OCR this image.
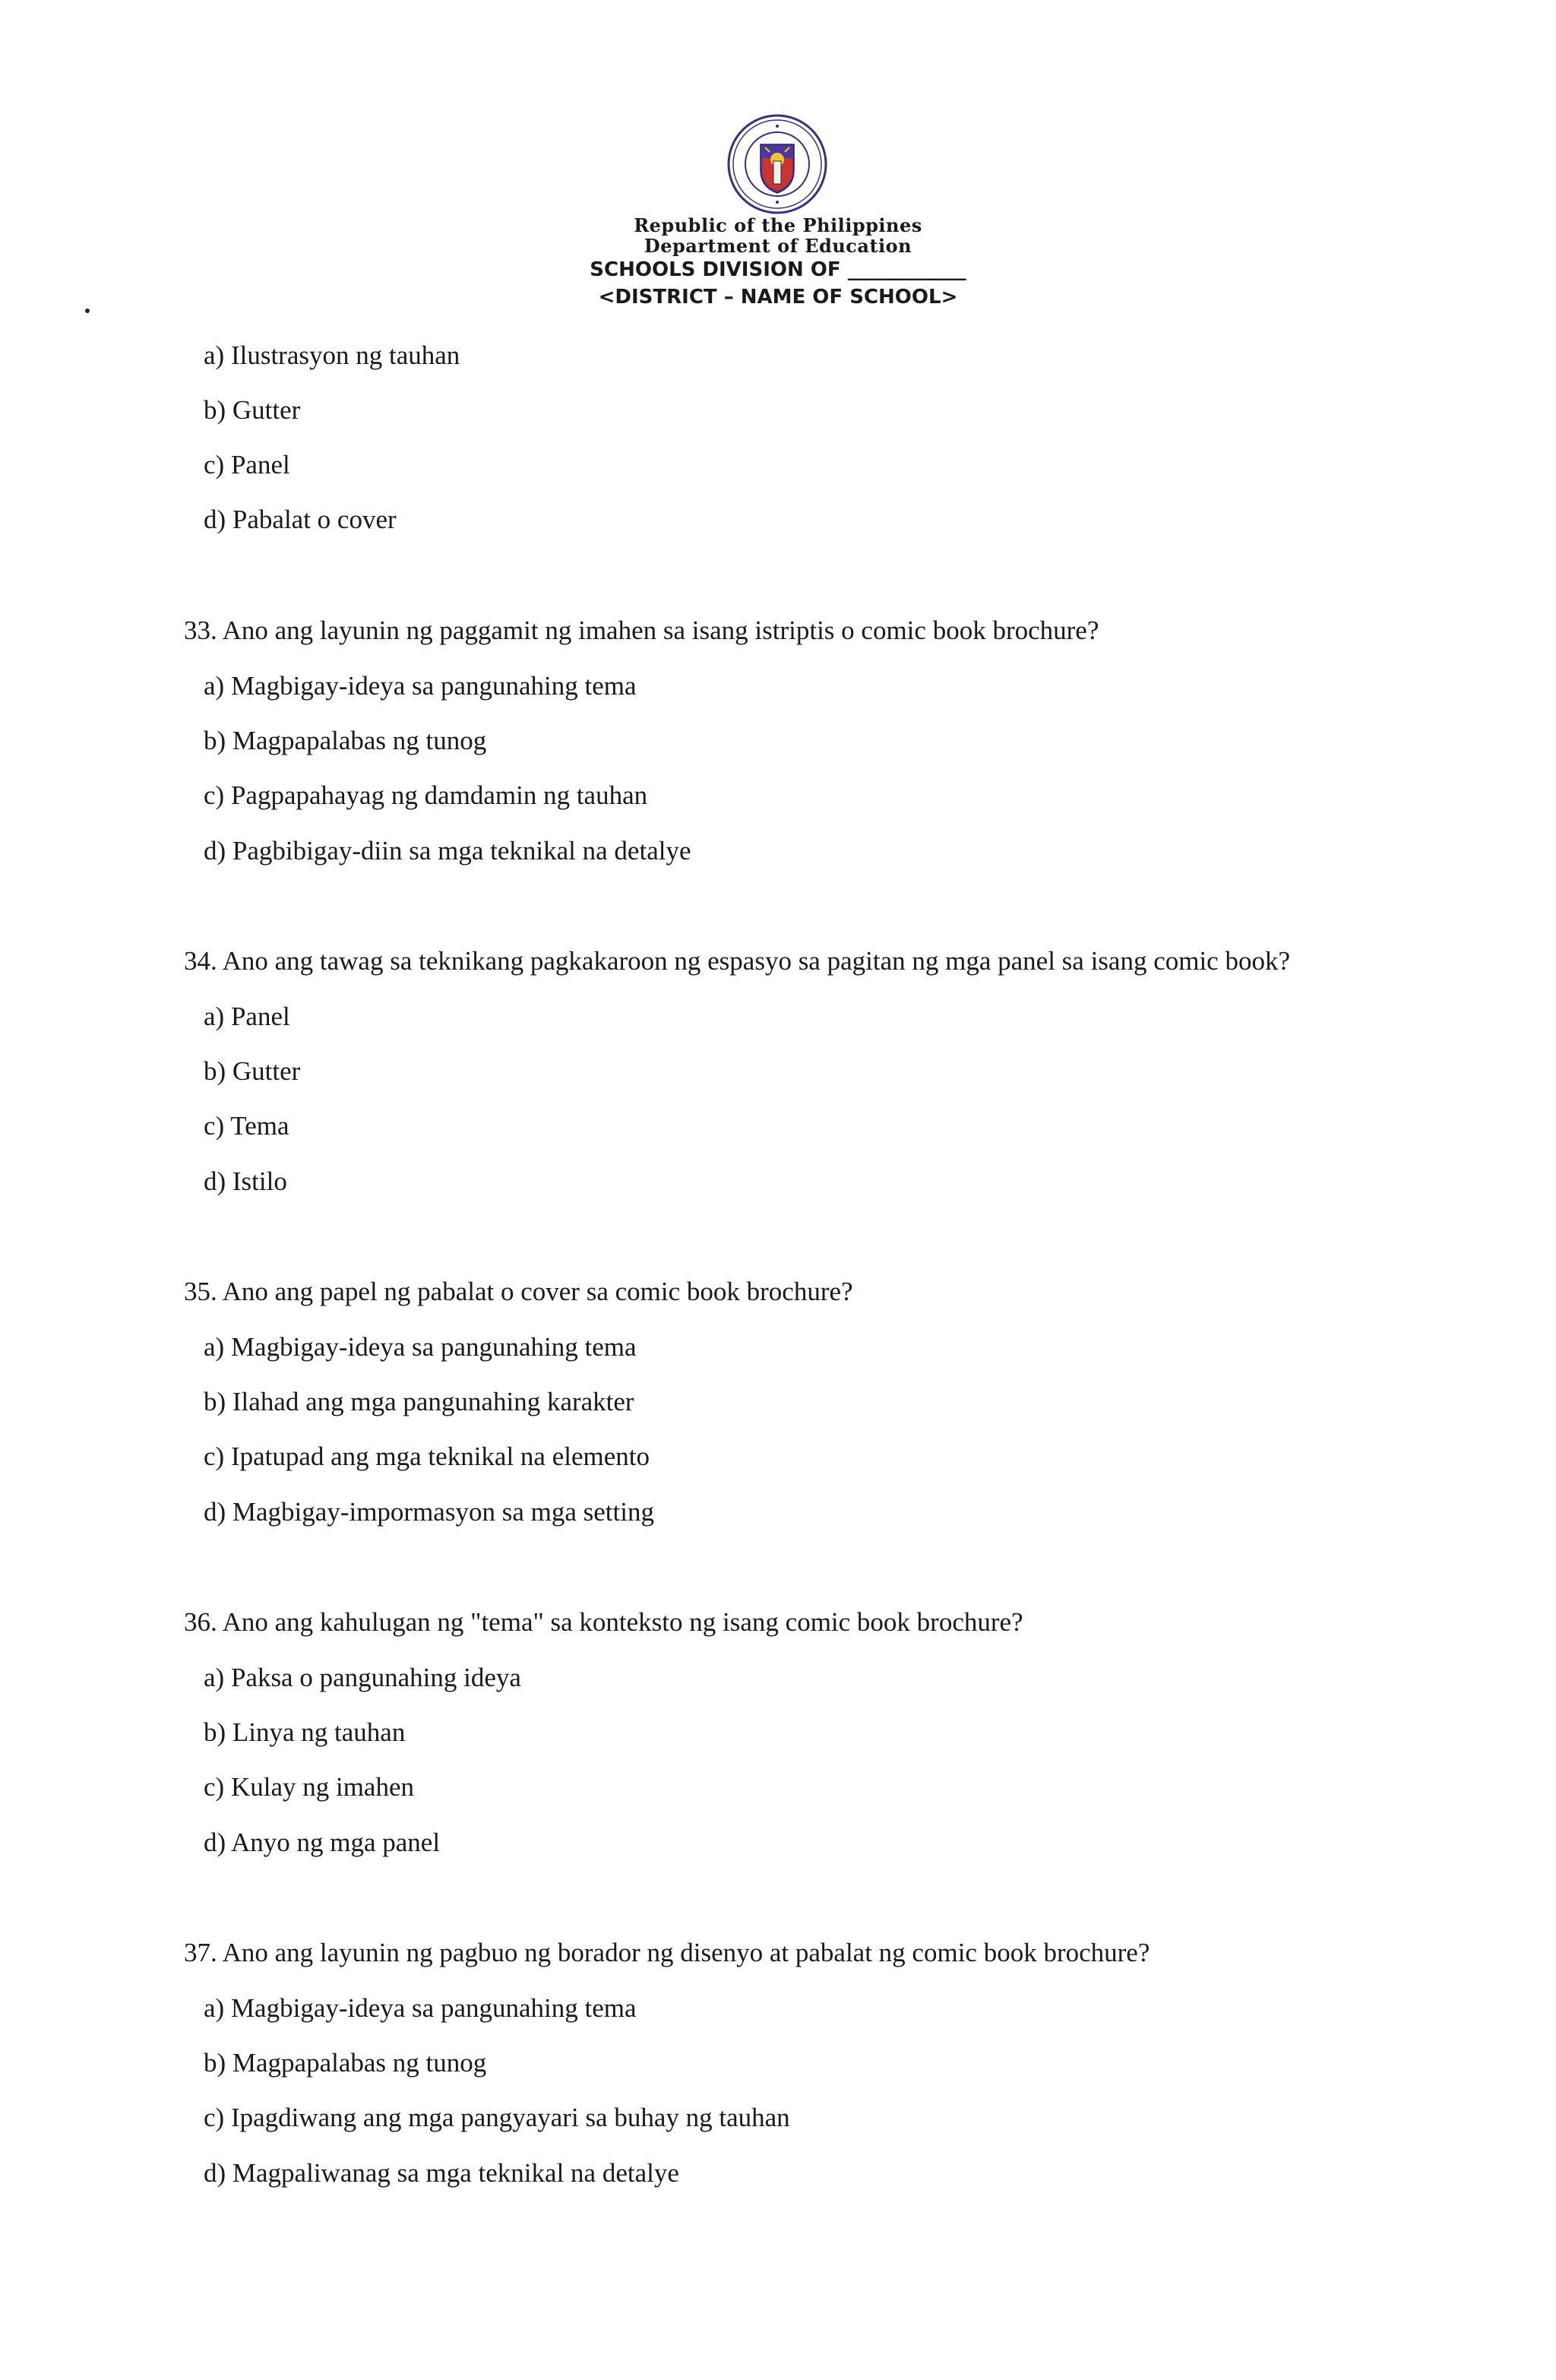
Republic of the Philippines
Department of Education
SCHOOLS DIVISION OF ____________
<DISTRICT – NAME OF SCHOOL>
a) Ilustrasyon ng tauhan
b) Gutter
c) Panel
d) Pabalat o cover
33. Ano ang layunin ng paggamit ng imahen sa isang istriptis o comic book brochure?
a) Magbigay-ideya sa pangunahing tema
b) Magpapalabas ng tunog
c) Pagpapahayag ng damdamin ng tauhan
d) Pagbibigay-diin sa mga teknikal na detalye
34. Ano ang tawag sa teknikang pagkakaroon ng espasyo sa pagitan ng mga panel sa isang comic book?
a) Panel
b) Gutter
c) Tema
d) Istilo
35. Ano ang papel ng pabalat o cover sa comic book brochure?
a) Magbigay-ideya sa pangunahing tema
b) Ilahad ang mga pangunahing karakter
c) Ipatupad ang mga teknikal na elemento
d) Magbigay-impormasyon sa mga setting
36. Ano ang kahulugan ng "tema" sa konteksto ng isang comic book brochure?
a) Paksa o pangunahing ideya
b) Linya ng tauhan
c) Kulay ng imahen
d) Anyo ng mga panel
37. Ano ang layunin ng pagbuo ng borador ng disenyo at pabalat ng comic book brochure?
a) Magbigay-ideya sa pangunahing tema
b) Magpapalabas ng tunog
c) Ipagdiwang ang mga pangyayari sa buhay ng tauhan
d) Magpaliwanag sa mga teknikal na detalye
